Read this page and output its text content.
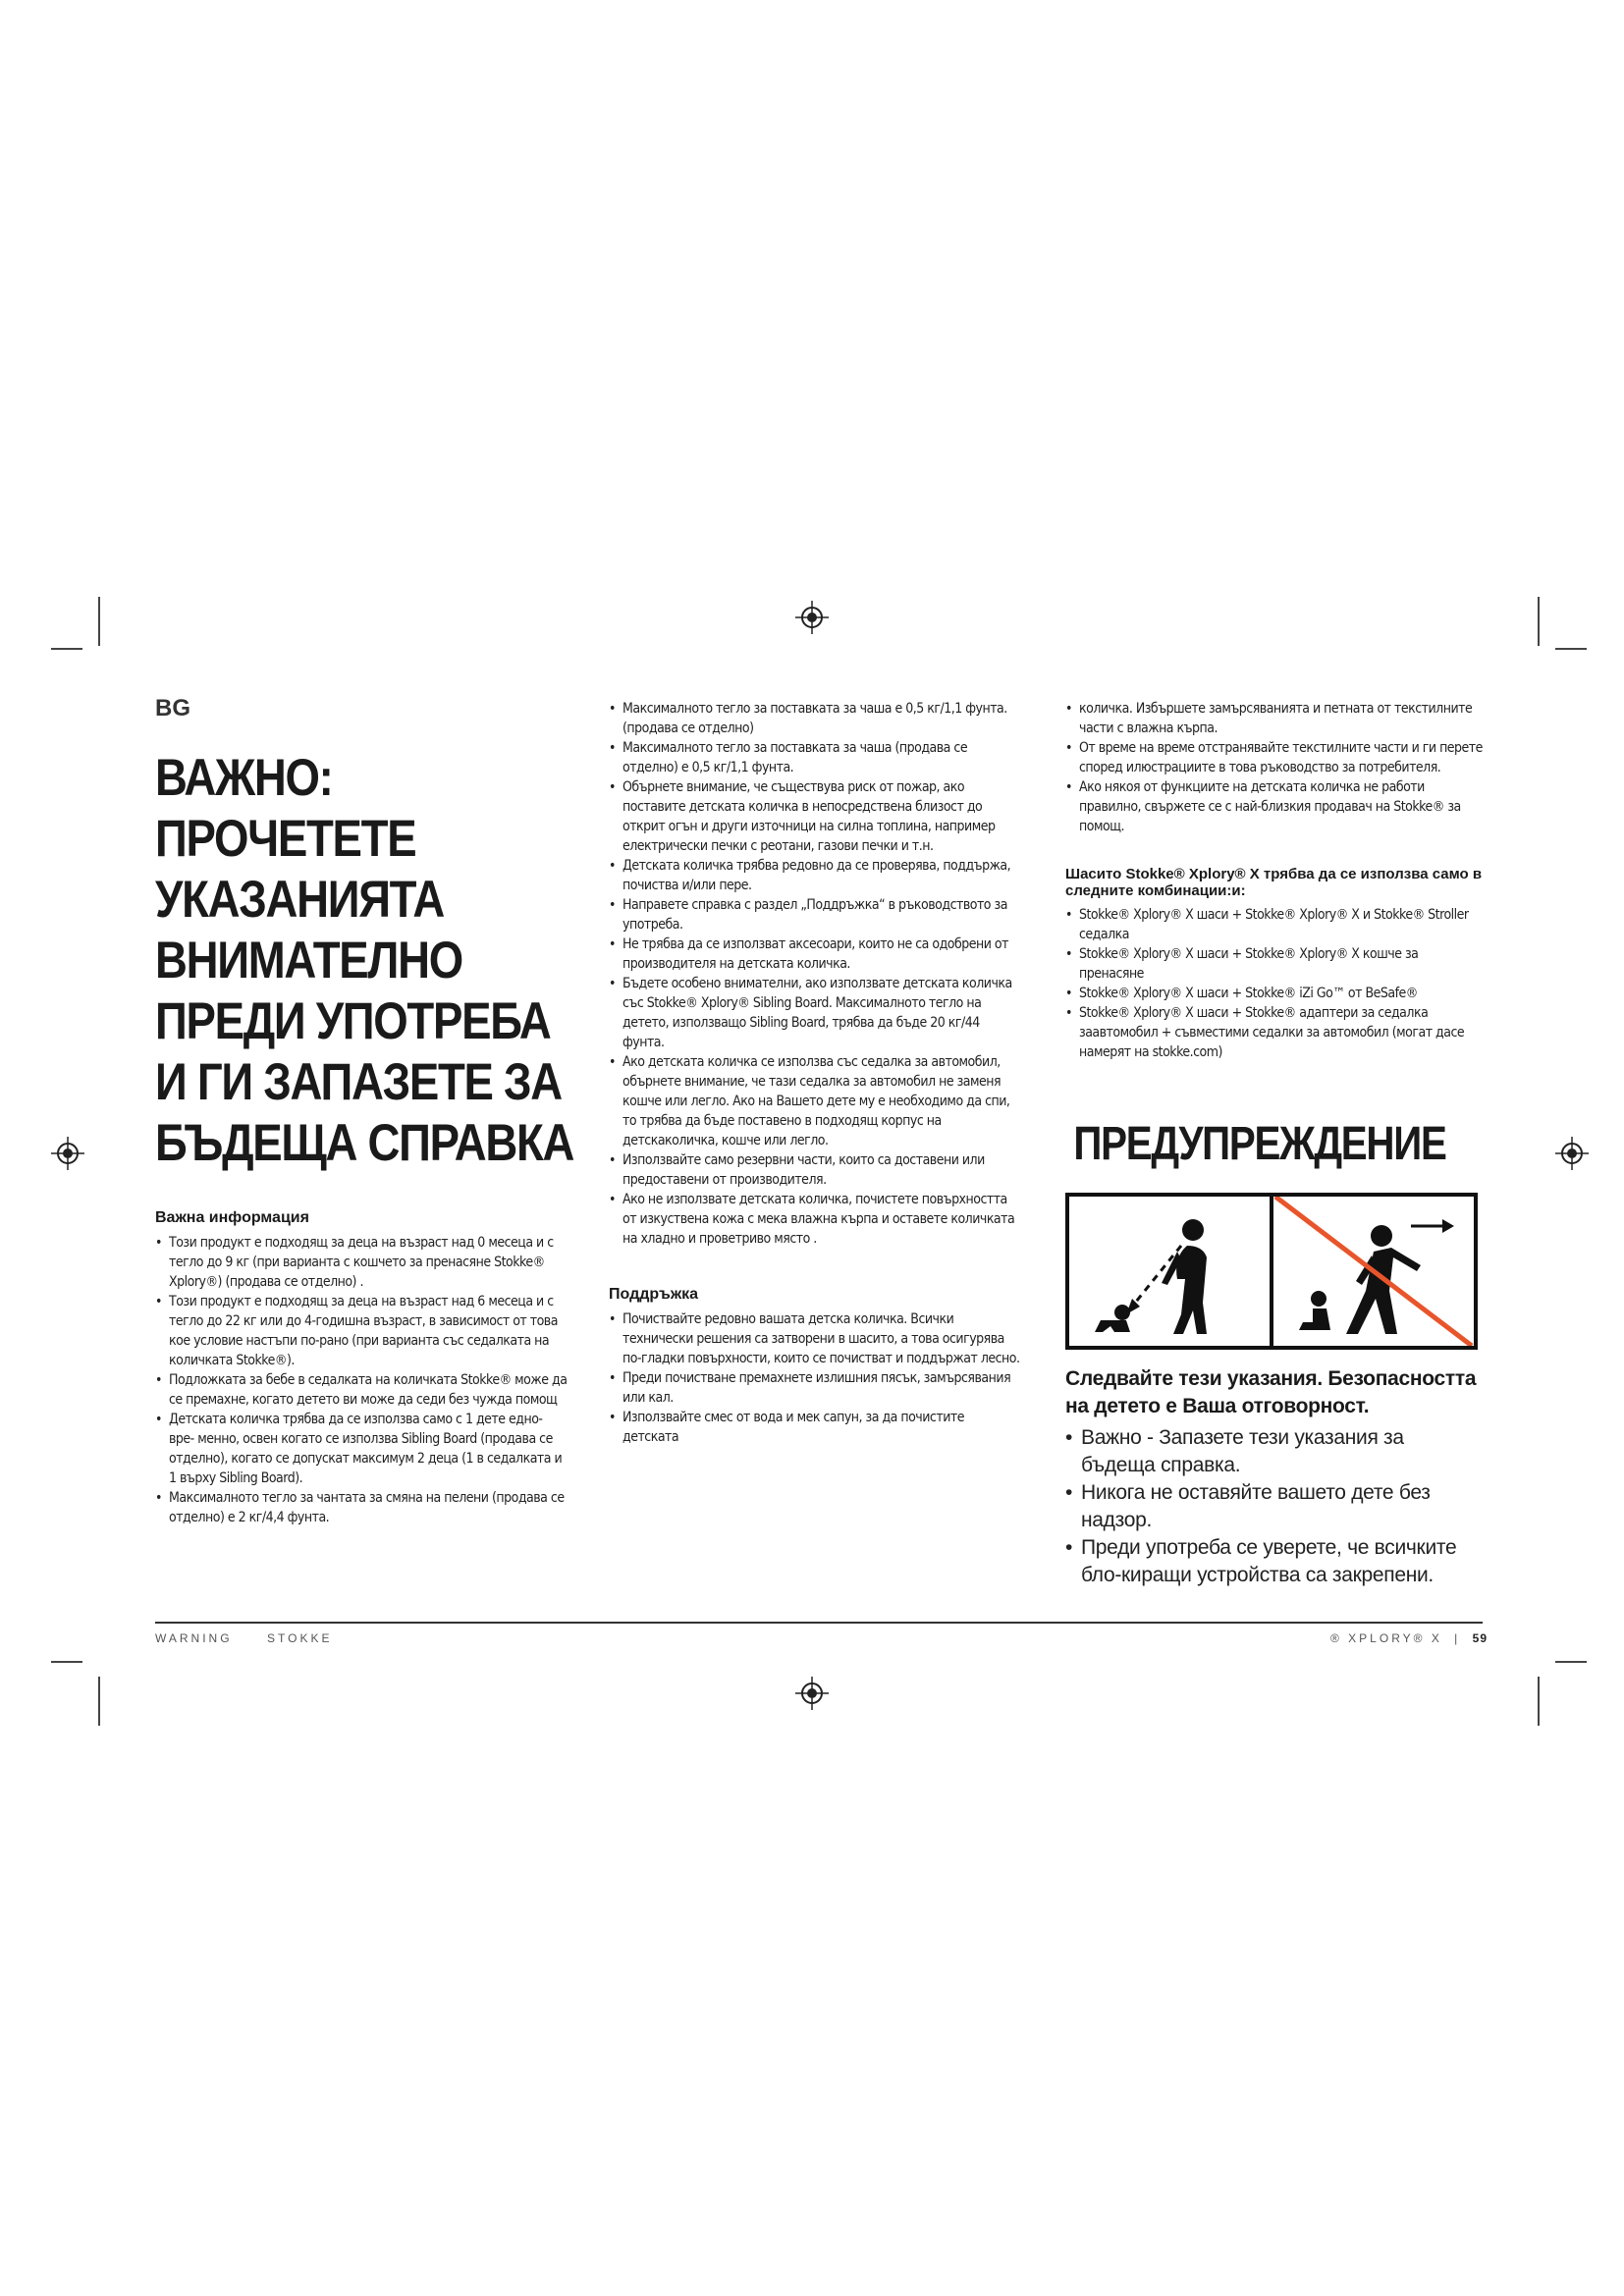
BG
ВАЖНО:
ПРОЧЕТЕТЕ
УКАЗАНИЯТА
ВНИМАТЕЛНО
ПРЕДИ УПОТРЕБА
И ГИ ЗАПАЗЕТЕ ЗА
БЪДЕЩА СПРАВКА
Важна информация
• Този продукт е подходящ за деца на възраст над 0 месеца и с тегло до 9 кг (при варианта с кошчето за пренасяне Stokke® Xplory®) (продава се отделно) .
• Този продукт е подходящ за деца на възраст над 6 месеца и с тегло до 22 кг или до 4-годишна възраст, в зависимост от това кое условие настъпи по-рано (при варианта със седалката на количката Stokke®).
• Подложката за бебе в седалката на количката Stokke® може да се премахне, когато детето ви може да седи без чужда помощ
• Детската количка трябва да се използва само с 1 дете едно-вре- менно, освен когато се използва Sibling Board (продава се отделно), когато се допускат максимум 2 деца (1 в седалката и 1 върху Sibling Board).
• Максималното тегло за чантата за смяна на пелени (продава се отделно) е 2 кг/4,4 фунта.
• Максималното тегло за поставката за чаша е 0,5 кг/1,1 фунта. (продава се отделно)
• Максималното тегло за поставката за чаша (продава се отделно) е 0,5 кг/1,1 фунта.
• Обърнете внимание, че съществува риск от пожар, ако поставите детската количка в непосредствена близост до открит огън и други източници на силна топлина, например електрически печки с реотани, газови печки и т.н.
• Детската количка трябва редовно да се проверява, поддържа, почиства и/или пере.
• Направете справка с раздел „Поддръжка“ в ръководството за употреба.
• Не трябва да се използват аксесоари, които не са одобрени от производителя на детската количка.
• Бъдете особено внимателни, ако използвате детската количка със Stokke® Xplory® Sibling Board. Максималното тегло на детето, използващо Sibling Board, трябва да бъде 20 кг/44 фунта.
• Ако детската количка се използва със седалка за автомобил, обърнете внимание, че тази седалка за автомобил не заменя кошче или легло. Ако на Вашето дете му е необходимо да спи, то трябва да бъде поставено в подходящ корпус на детскаколичка, кошче или легло.
• Използвайте само резервни части, които са доставени или предоставени от производителя.
• Ако не използвате детската количка, почистете повърхността от изкуствена кожа с мека влажна кърпа и оставете количката на хладно и проветриво място .
Поддръжка
• Почиствайте редовно вашата детска количка. Всички технически решения са затворени в шасито, а това осигурява по-гладки повърхности, които се почистват и поддържат лесно.
• Преди почистване премахнете излишния пясък, замърсявания или кал.
• Използвайте смес от вода и мек сапун, за да почистите детската
• количка. Избършете замърсяванията и петната от текстилните части с влажна кърпа.
• От време на време отстранявайте текстилните части и ги перете според илюстрациите в това ръководство за потребителя.
• Ако някоя от функциите на детската количка не работи правилно, свържете се с най-близкия продавач на Stokke® за помощ.
Шасито Stokke® Xplory® X трябва да се използва само в следните комбинации:и:
• Stokke® Xplory® X шаси + Stokke® Xplory® X и Stokke® Stroller седалка
• Stokke® Xplory® X шаси + Stokke® Xplory® X кошче за пренасяне
• Stokke® Xplory® X шаси + Stokke® iZi Go™ от BeSafe®
• Stokke® Xplory® X шаси + Stokke® адаптери за седалка заавтомобил + съвместими седалки за автомобил (могат дасе намерят на stokke.com)
ПРЕДУПРЕЖДЕНИЕ
Следвайте тези указания. Безопасността на детето е Ваша отговорност.
• Важно - Запазете тези указания за бъдеща справка.
• Никога не оставяйте вашето дете без надзор.
• Преди употреба се уверете, че всичките бло-киращи устройства са закрепени.
WARNING	STOKKE	® XPLORY® X | 59
